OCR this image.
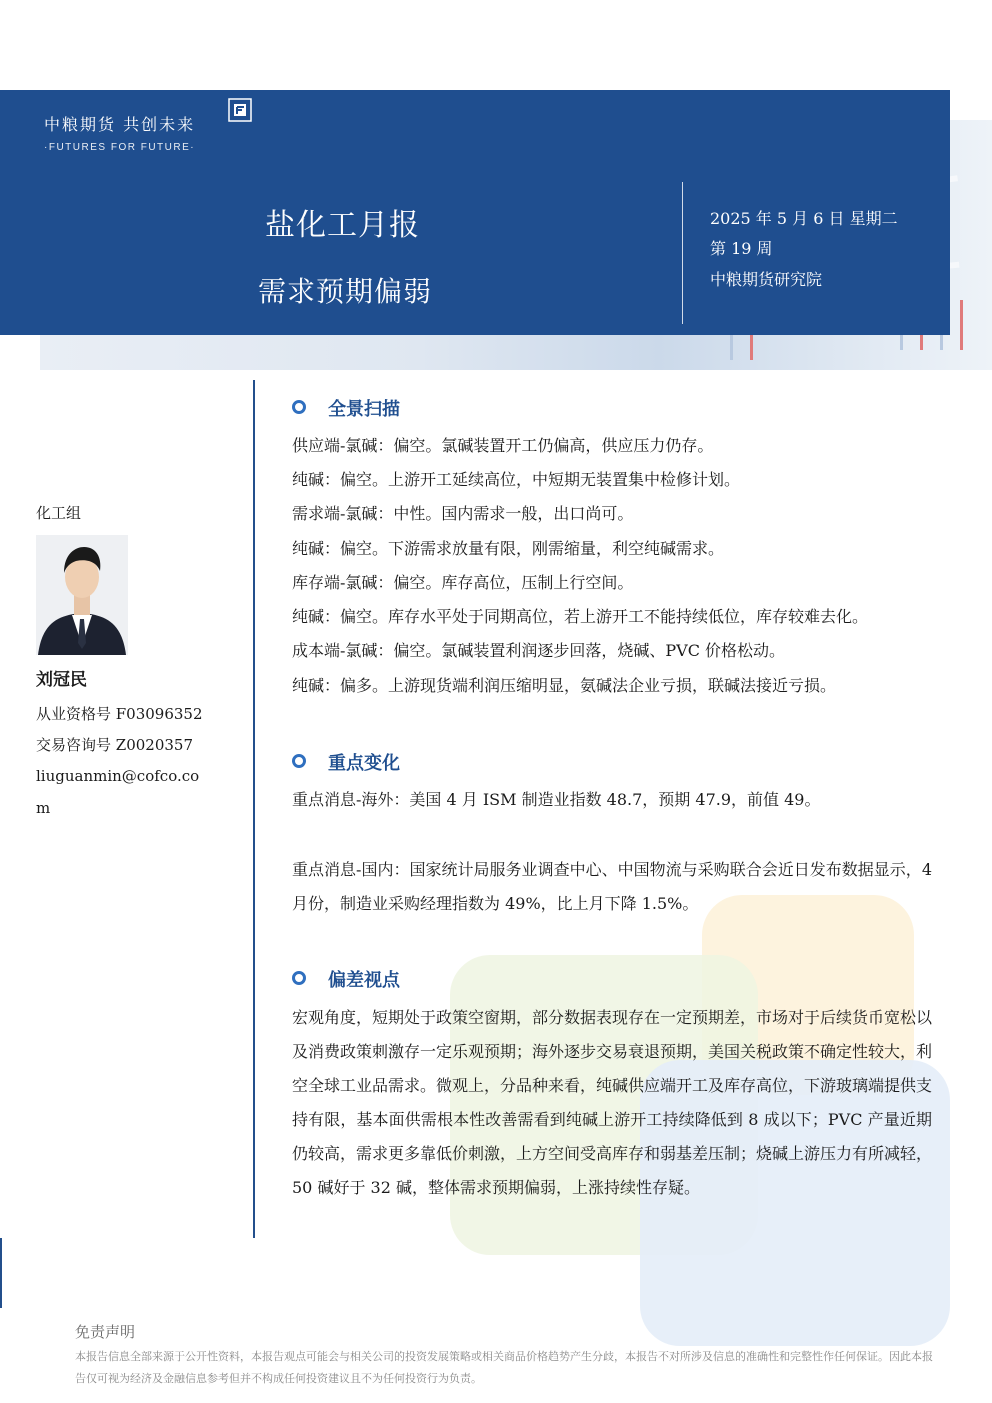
中粮期货 共创未来
·FUTURES FOR FUTURE·
盐化工月报
需求预期偏弱
2025 年 5 月 6 日 星期二
第 19 周
中粮期货研究院
化工组
刘冠民
从业资格号 F03096352
交易咨询号 Z0020357
liuguanmin@cofco.co
m
全景扫描
供应端-氯碱：偏空。氯碱装置开工仍偏高，供应压力仍存。
纯碱：偏空。上游开工延续高位，中短期无装置集中检修计划。
需求端-氯碱：中性。国内需求一般，出口尚可。
纯碱：偏空。下游需求放量有限，刚需缩量，利空纯碱需求。
库存端-氯碱：偏空。库存高位，压制上行空间。
纯碱：偏空。库存水平处于同期高位，若上游开工不能持续低位，库存较难去化。
成本端-氯碱：偏空。氯碱装置利润逐步回落，烧碱、PVC 价格松动。
纯碱：偏多。上游现货端利润压缩明显，氨碱法企业亏损，联碱法接近亏损。
重点变化
重点消息-海外：美国 4 月 ISM 制造业指数 48.7，预期 47.9，前值 49。
重点消息-国内：国家统计局服务业调查中心、中国物流与采购联合会近日发布数据显示，4 月份，制造业采购经理指数为 49%，比上月下降 1.5%。
偏差视点
宏观角度，短期处于政策空窗期，部分数据表现存在一定预期差，市场对于后续货币宽松以及消费政策刺激存一定乐观预期；海外逐步交易衰退预期，美国关税政策不确定性较大，利空全球工业品需求。微观上，分品种来看，纯碱供应端开工及库存高位，下游玻璃端提供支持有限，基本面供需根本性改善需看到纯碱上游开工持续降低到 8 成以下；PVC 产量近期仍较高，需求更多靠低价刺激，上方空间受高库存和弱基差压制；烧碱上游压力有所减轻，50 碱好于 32 碱，整体需求预期偏弱，上涨持续性存疑。
免责声明
本报告信息全部来源于公开性资料，本报告观点可能会与相关公司的投资发展策略或相关商品价格趋势产生分歧，本报告不对所涉及信息的准确性和完整性作任何保证。因此本报告仅可视为经济及金融信息参考但并不构成任何投资建议且不为任何投资行为负责。
